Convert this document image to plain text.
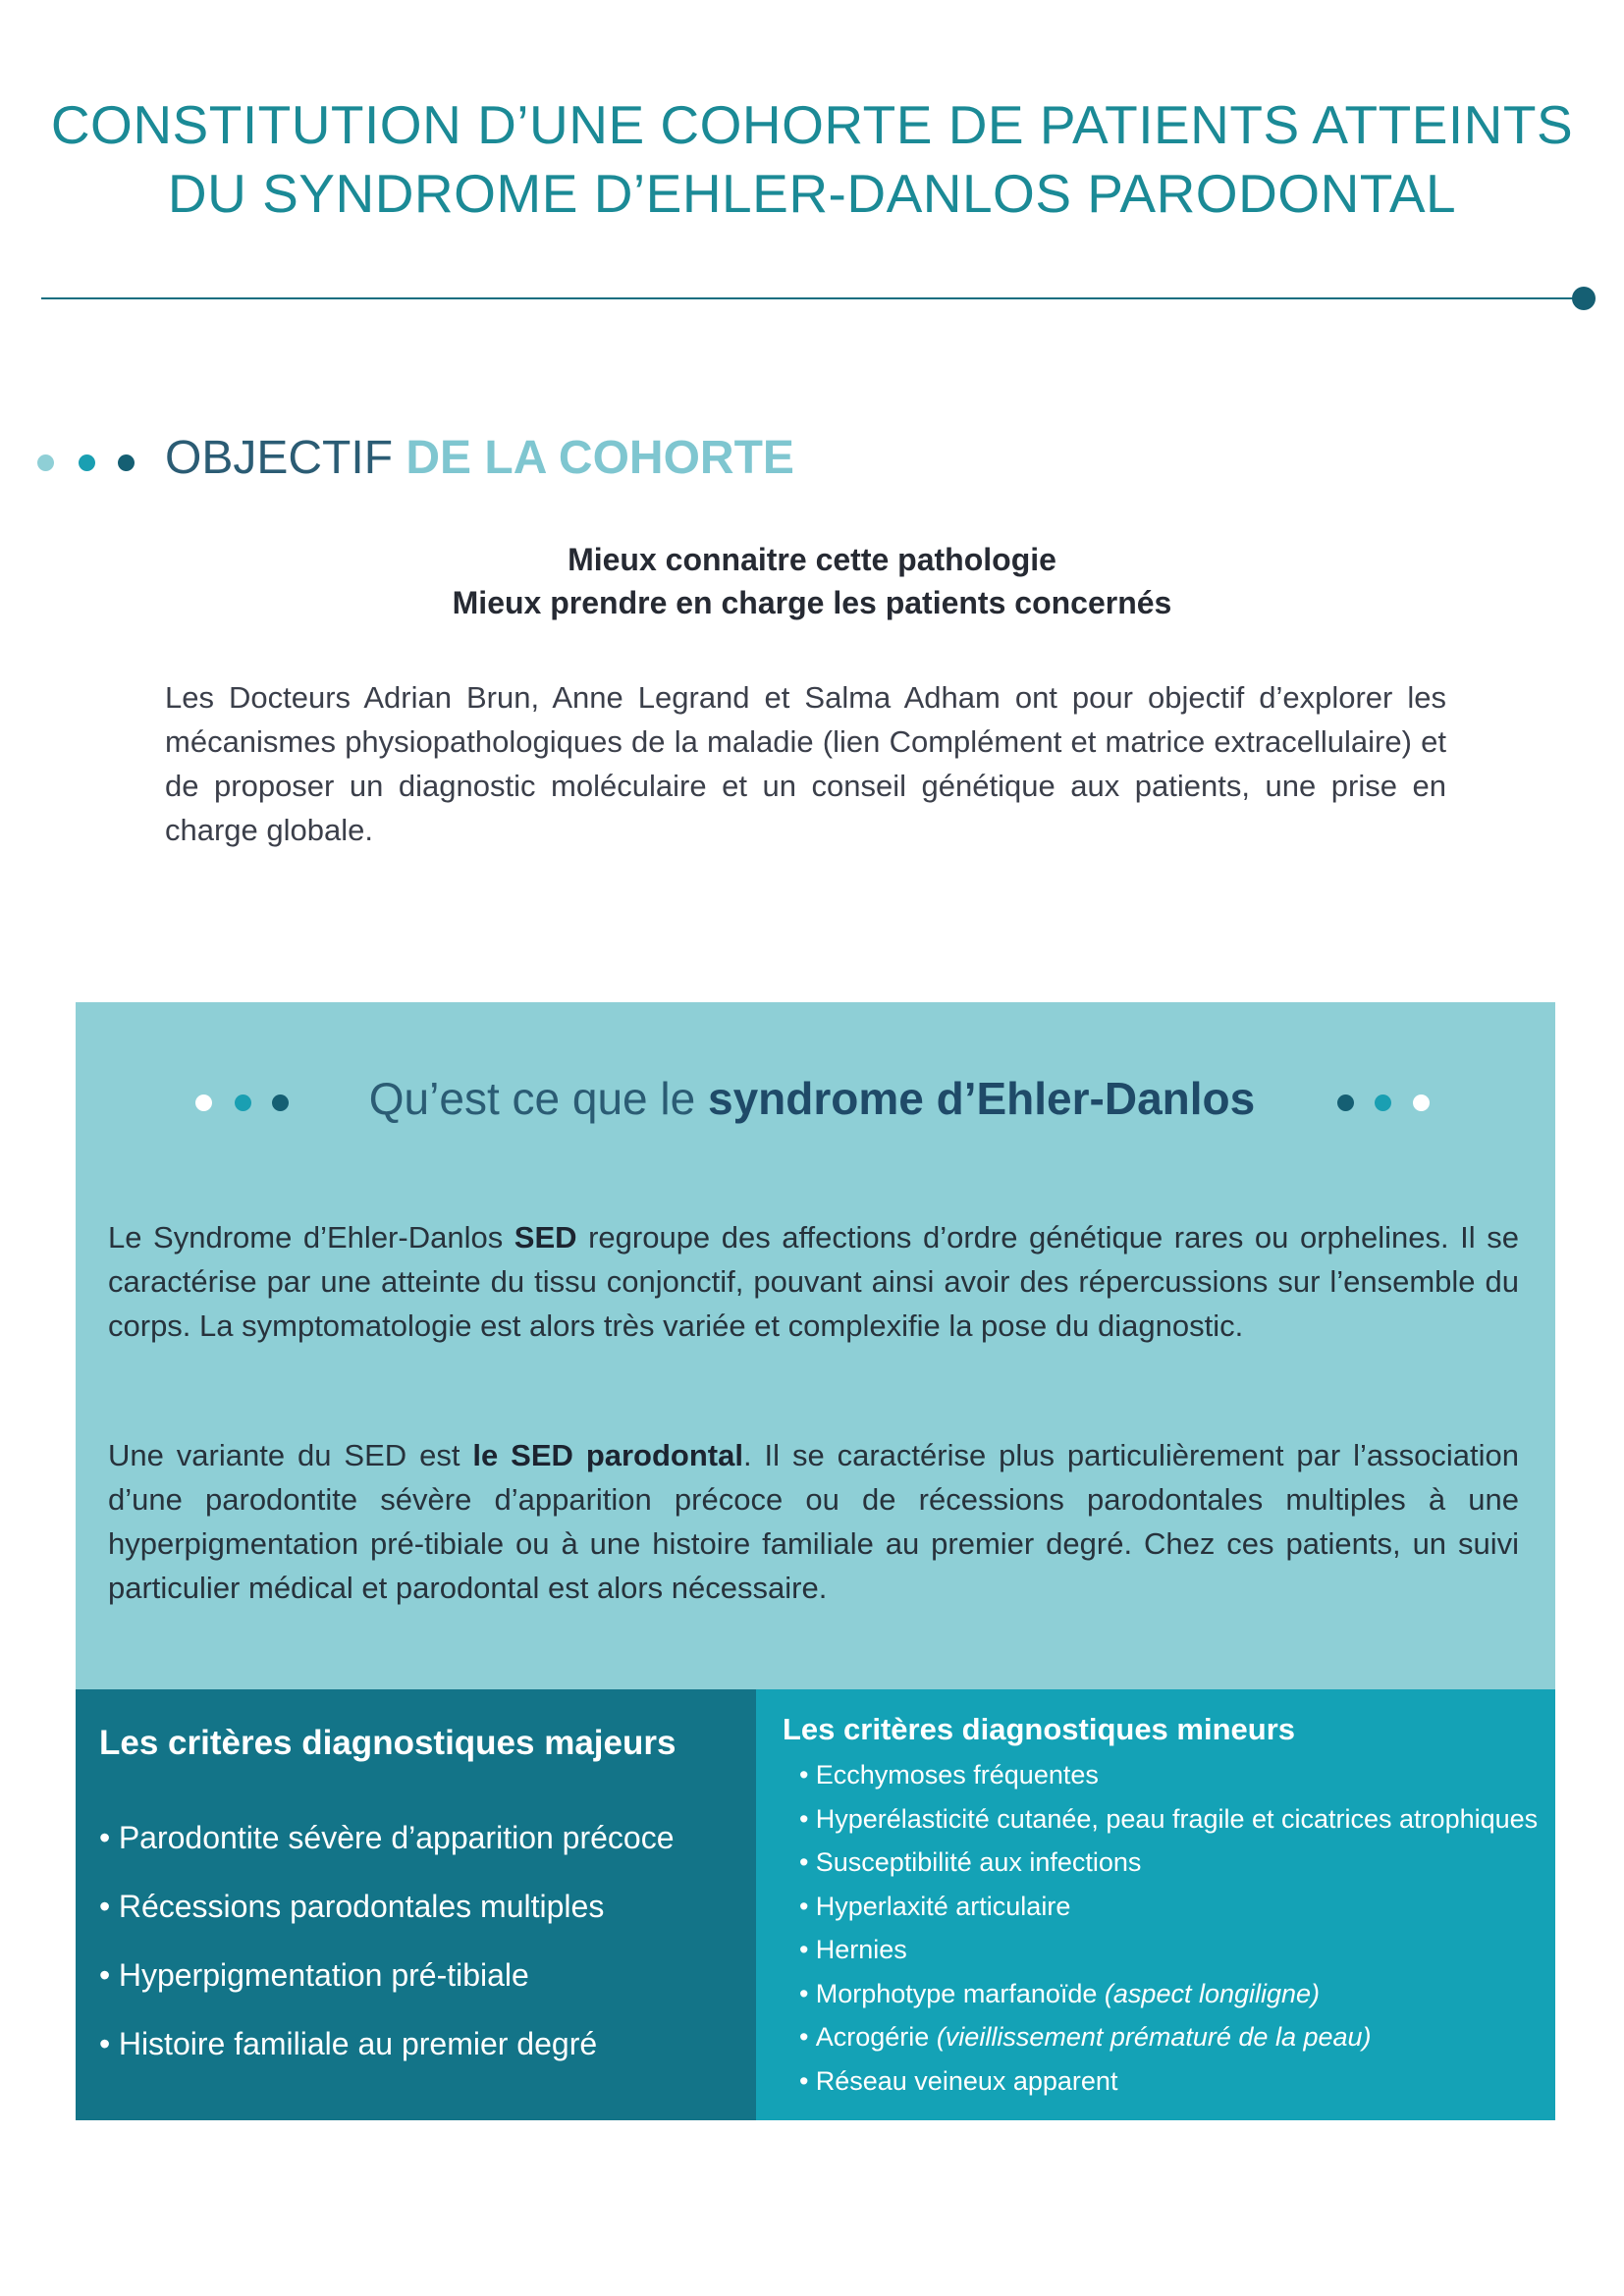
CONSTITUTION D’UNE COHORTE DE PATIENTS ATTEINTS
DU SYNDROME D’EHLER-DANLOS PARODONTAL
OBJECTIF DE LA COHORTE
Mieux connaitre cette pathologie
Mieux prendre en charge les patients concernés
Les Docteurs Adrian Brun, Anne Legrand et Salma Adham ont pour objectif d’explorer les mécanismes physiopathologiques de la maladie (lien Complément et matrice extracellulaire) et de proposer un diagnostic moléculaire et un conseil génétique aux patients, une prise en charge globale.
Qu’est ce que le syndrome d’Ehler-Danlos
Le Syndrome d’Ehler-Danlos SED regroupe des affections d’ordre génétique rares ou orphelines. Il se caractérise par une atteinte du tissu conjonctif, pouvant ainsi avoir des répercussions sur l’ensemble du corps. La symptomatologie est alors très variée et complexifie la pose du diagnostic.
Une variante du SED est le SED parodontal. Il se caractérise plus particulièrement par l’association d’une parodontite sévère d’apparition précoce ou de récessions parodontales multiples à une hyperpigmentation pré-tibiale ou à une histoire familiale au premier degré. Chez ces patients, un suivi particulier médical et parodontal est alors nécessaire.
Les critères diagnostiques majeurs
• Parodontite sévère d’apparition précoce
• Récessions parodontales multiples
• Hyperpigmentation pré-tibiale
• Histoire familiale au premier degré
Les critères diagnostiques mineurs
• Ecchymoses fréquentes
• Hyperélasticité cutanée, peau fragile et cicatrices atrophiques
• Susceptibilité aux infections
• Hyperlaxité articulaire
• Hernies
• Morphotype marfanoïde (aspect longiligne)
• Acrogérie (vieillissement prématuré de la peau)
• Réseau veineux apparent
